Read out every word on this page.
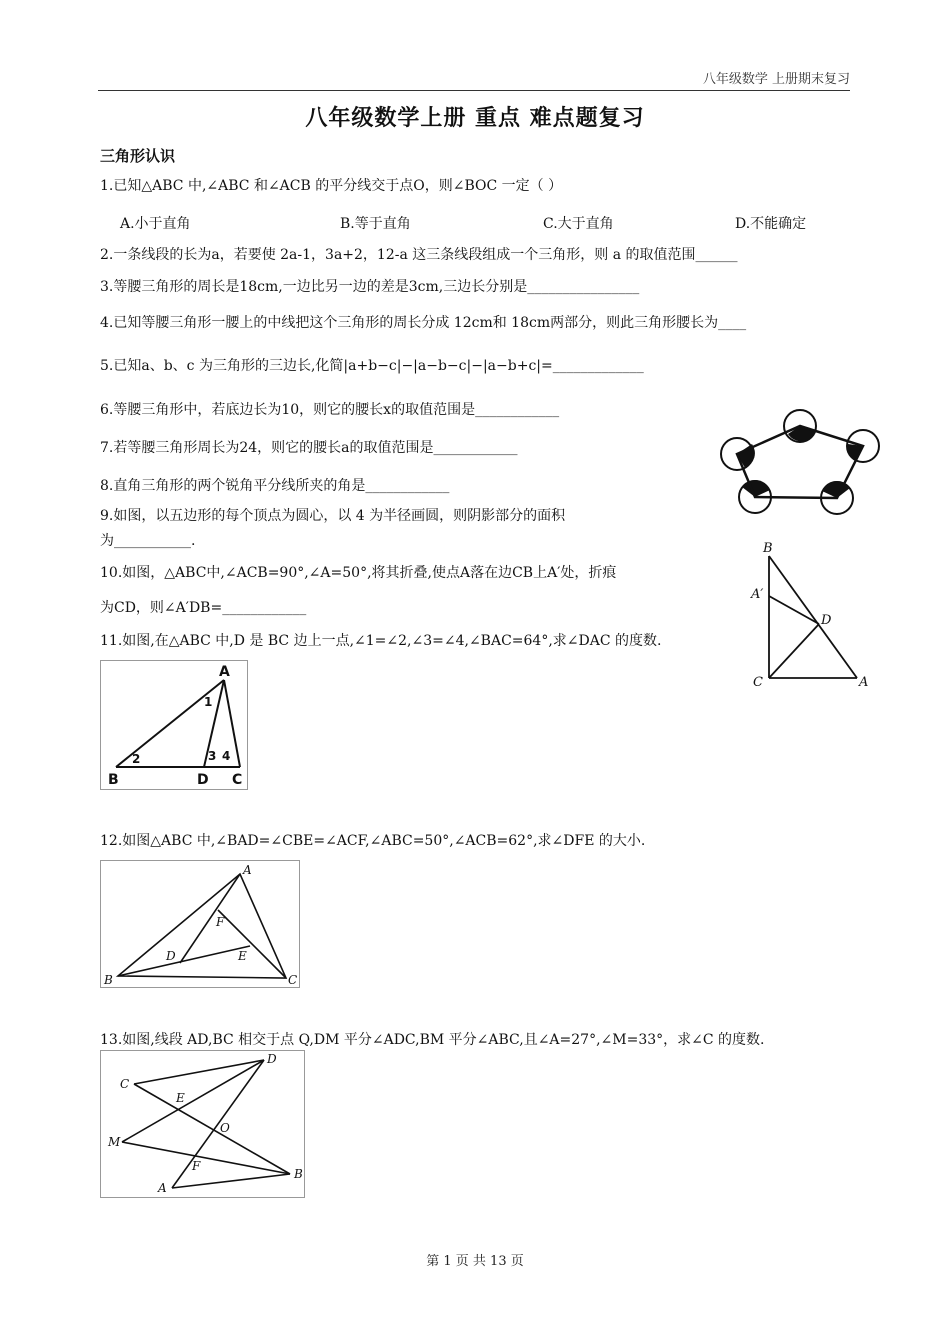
八年级数学 上册期末复习
八年级数学上册 重点 难点题复习
三角形认识
1.已知△ABC 中,∠ABC 和∠ACB 的平分线交于点O，则∠BOC 一定（ ）
A.小于直角	B.等于直角	C.大于直角	D.不能确定
2.一条线段的长为a，若要使 2a-1，3a+2，12-a 这三条线段组成一个三角形，则 a 的取值范围______
3.等腰三角形的周长是18cm,一边比另一边的差是3cm,三边长分别是________________
4.已知等腰三角形一腰上的中线把这个三角形的周长分成 12cm和 18cm两部分，则此三角形腰长为____
5.已知a、b、c 为三角形的三边长,化简|a+b−c|−|a−b−c|−|a−b+c|=_____________
6.等腰三角形中，若底边长为10，则它的腰长x的取值范围是____________
7.若等腰三角形周长为24，则它的腰长a的取值范围是____________
8.直角三角形的两个锐角平分线所夹的角是____________
9.如图，以五边形的每个顶点为圆心，以 4 为半径画圆，则阴影部分的面积
为___________.
10.如图，△ABC中,∠ACB=90°,∠A=50°,将其折叠,使点A落在边CB上A′处，折痕
为CD，则∠A′DB=____________
11.如图,在△ABC 中,D 是 BC 边上一点,∠1=∠2,∠3=∠4,∠BAC=64°,求∠DAC 的度数.
12.如图△ABC 中,∠BAD=∠CBE=∠ACF,∠ABC=50°,∠ACB=62°,求∠DFE 的大小.
13.如图,线段 AD,BC 相交于点 Q,DM 平分∠ADC,BM 平分∠ABC,且∠A=27°,∠M=33°，求∠C 的度数.
B
A′
D
C	A
A
1
2	3 4
B	D C
A
F
D	E
B	C
D
C
E
O
M
F
B
A
第 1 页 共 13 页
